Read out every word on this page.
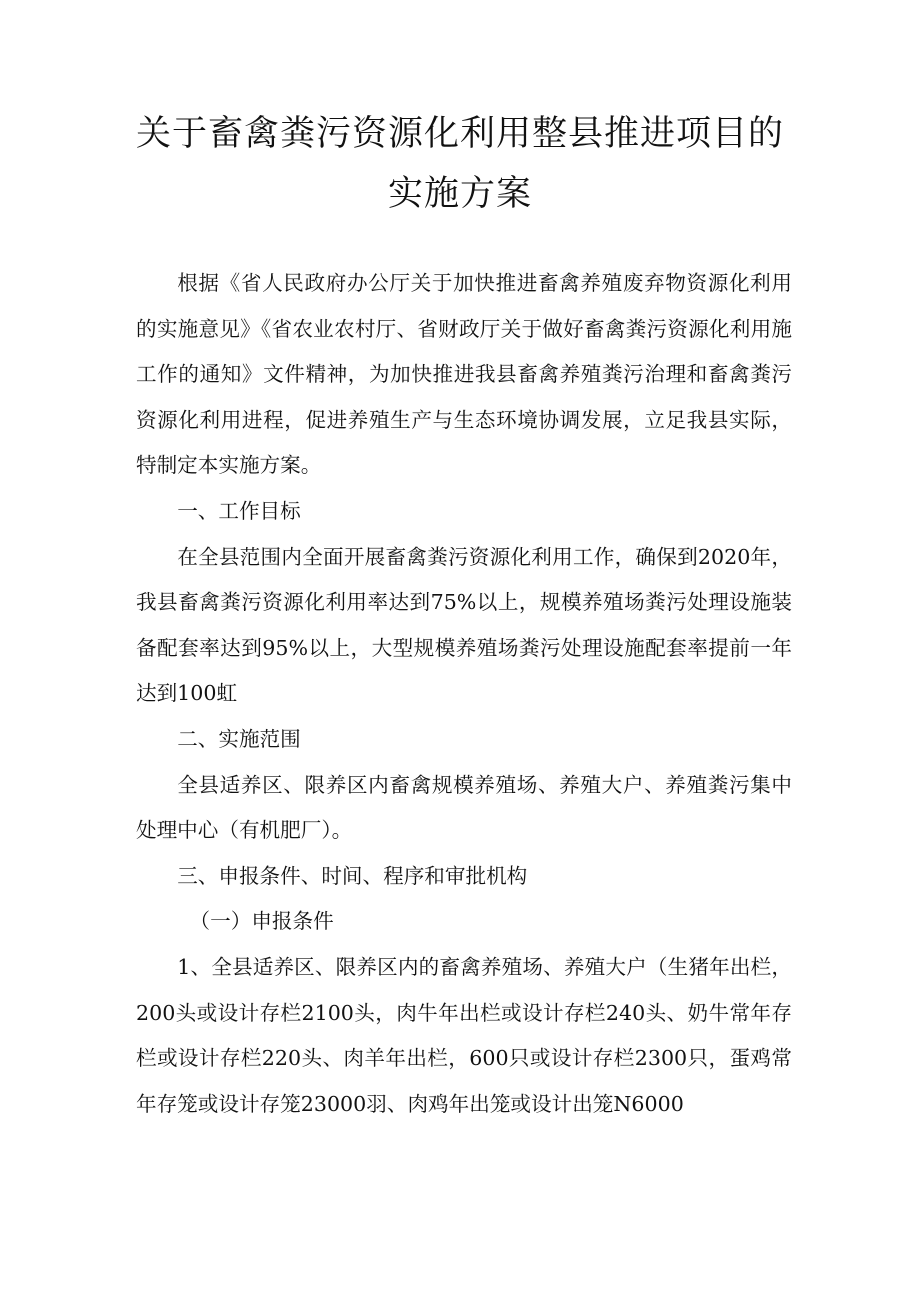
关于畜禽粪污资源化利用整县推进项目的
实施方案

根据《省人民政府办公厅关于加快推进畜禽养殖废弃物资源化利用的实施意见》《省农业农村厅、省财政厅关于做好畜禽粪污资源化利用施工作的通知》文件精神，为加快推进我县畜禽养殖粪污治理和畜禽粪污资源化利用进程，促进养殖生产与生态环境协调发展，立足我县实际，特制定本实施方案。

一、工作目标

在全县范围内全面开展畜禽粪污资源化利用工作，确保到2020年，我县畜禽粪污资源化利用率达到75%以上，规模养殖场粪污处理设施装备配套率达到95%以上，大型规模养殖场粪污处理设施配套率提前一年达到100虹

二、实施范围

全县适养区、限养区内畜禽规模养殖场、养殖大户、养殖粪污集中处理中心（有机肥厂）。

三、申报条件、时间、程序和审批机构

（一）申报条件

1、全县适养区、限养区内的畜禽养殖场、养殖大户（生猪年出栏，200头或设计存栏2100头，肉牛年出栏或设计存栏240头、奶牛常年存栏或设计存栏220头、肉羊年出栏，600只或设计存栏2300只，蛋鸡常年存笼或设计存笼23000羽、肉鸡年出笼或设计出笼N6000
